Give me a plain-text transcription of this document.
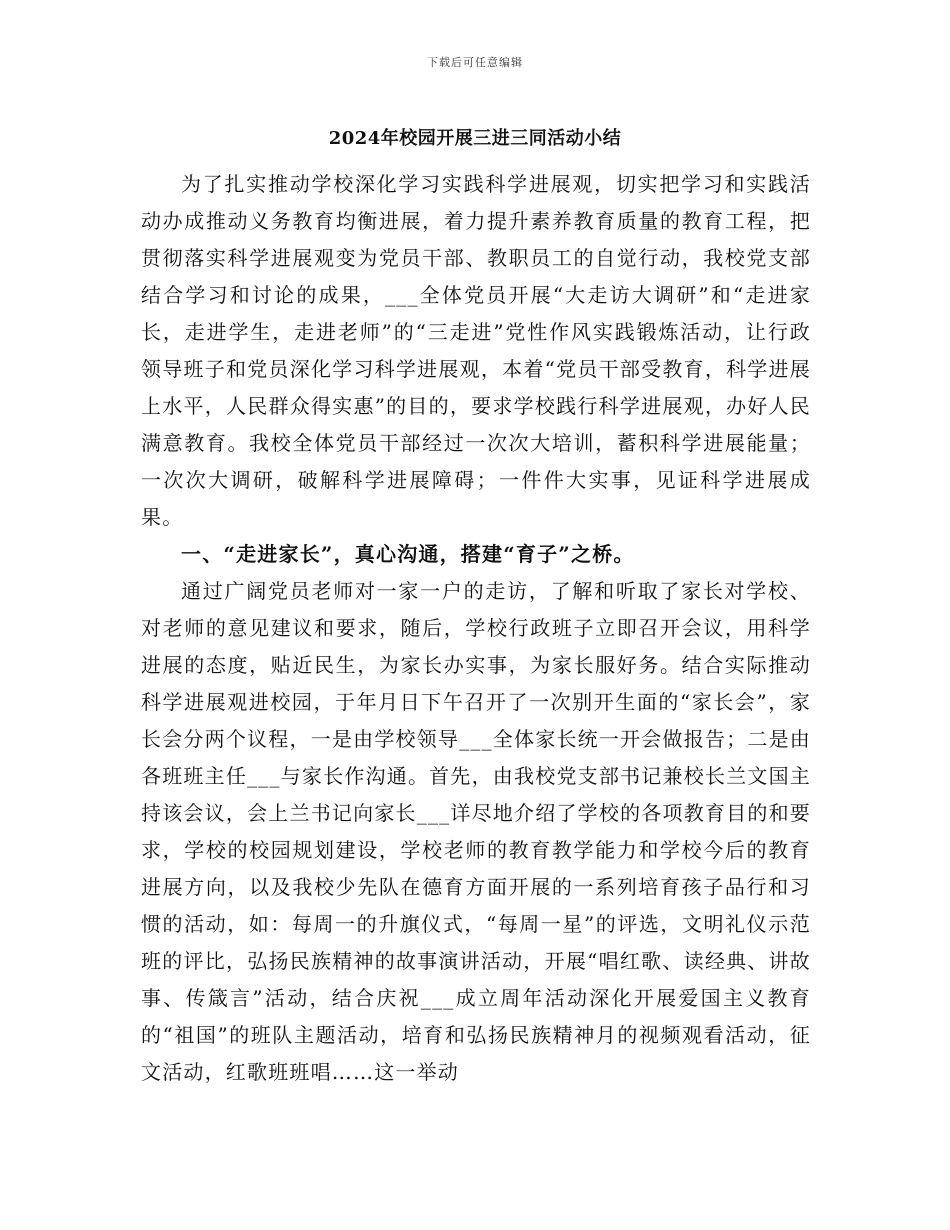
下载后可任意编辑
2024年校园开展三进三同活动小结

为了扎实推动学校深化学习实践科学进展观，切实把学习和实践活动办成推动义务教育均衡进展，着力提升素养教育质量的教育工程，把贯彻落实科学进展观变为党员干部、教职员工的自觉行动，我校党支部结合学习和讨论的成果，___全体党员开展“大走访大调研”和“走进家长，走进学生，走进老师”的“三走进”党性作风实践锻炼活动，让行政领导班子和党员深化学习科学进展观，本着“党员干部受教育，科学进展上水平，人民群众得实惠”的目的，要求学校践行科学进展观，办好人民满意教育。我校全体党员干部经过一次次大培训，蓄积科学进展能量；一次次大调研，破解科学进展障碍；一件件大实事，见证科学进展成果。

一、“走进家长”，真心沟通，搭建“育子”之桥。

通过广阔党员老师对一家一户的走访，了解和听取了家长对学校、对老师的意见建议和要求，随后，学校行政班子立即召开会议，用科学进展的态度，贴近民生，为家长办实事，为家长服好务。结合实际推动科学进展观进校园，于年月日下午召开了一次别开生面的“家长会”，家长会分两个议程，一是由学校领导___全体家长统一开会做报告；二是由各班班主任___与家长作沟通。首先，由我校党支部书记兼校长兰文国主持该会议，会上兰书记向家长___详尽地介绍了学校的各项教育目的和要求，学校的校园规划建设，学校老师的教育教学能力和学校今后的教育进展方向，以及我校少先队在德育方面开展的一系列培育孩子品行和习惯的活动，如：每周一的升旗仪式，“每周一星”的评选，文明礼仪示范班的评比，弘扬民族精神的故事演讲活动，开展“唱红歌、读经典、讲故事、传箴言”活动，结合庆祝___成立周年活动深化开展爱国主义教育的“祖国”的班队主题活动，培育和弘扬民族精神月的视频观看活动，征文活动，红歌班班唱……这一举动
